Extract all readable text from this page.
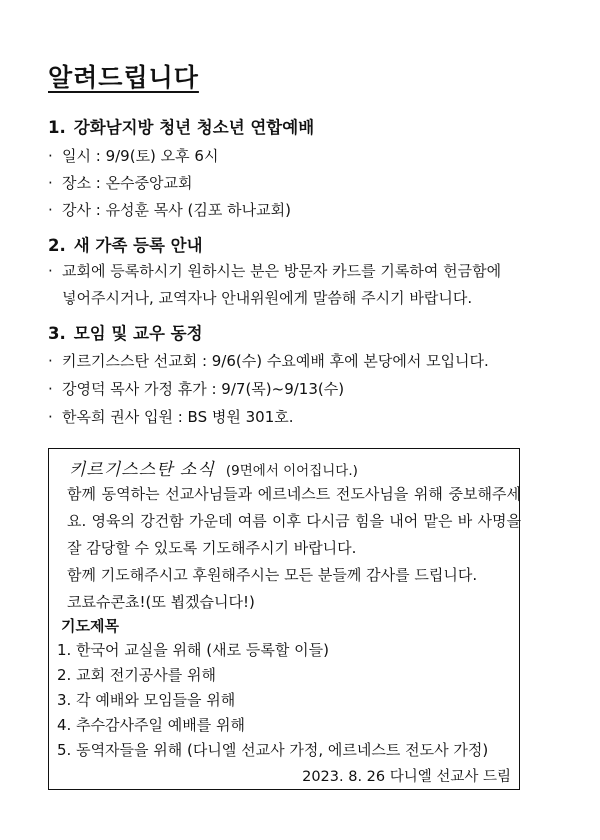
알려드립니다
1. 강화남지방 청년 청소년 연합예배
· 일시 : 9/9(토) 오후 6시
· 장소 : 온수중앙교회
· 강사 : 유성훈 목사 (김포 하나교회)
2. 새 가족 등록 안내
· 교회에 등록하시기 원하시는 분은 방문자 카드를 기록하여 헌금함에
넣어주시거나, 교역자나 안내위원에게 말씀해 주시기 바랍니다.
3. 모임 및 교우 동정
· 키르기스스탄 선교회 : 9/6(수) 수요예배 후에 본당에서 모입니다.
· 강영덕 목사 가정 휴가 : 9/7(목)~9/13(수)
· 한옥희 권사 입원 : BS 병원 301호.
키르기스스탄 소식 (9면에서 이어집니다.)
함께 동역하는 선교사님들과 에르네스트 전도사님을 위해 중보해주세요. 영육의 강건함 가운데 여름 이후 다시금 힘을 내어 맡은 바 사명을 잘 감당할 수 있도록 기도해주시기 바랍니다.
함께 기도해주시고 후원해주시는 모든 분들께 감사를 드립니다.
코료슈콘쵸!(또 뵙겠습니다!)
기도제목
1. 한국어 교실을 위해 (새로 등록할 이들)
2. 교회 전기공사를 위해
3. 각 예배와 모임들을 위해
4. 추수감사주일 예배를 위해
5. 동역자들을 위해 (다니엘 선교사 가정, 에르네스트 전도사 가정)
2023. 8. 26 다니엘 선교사 드림
